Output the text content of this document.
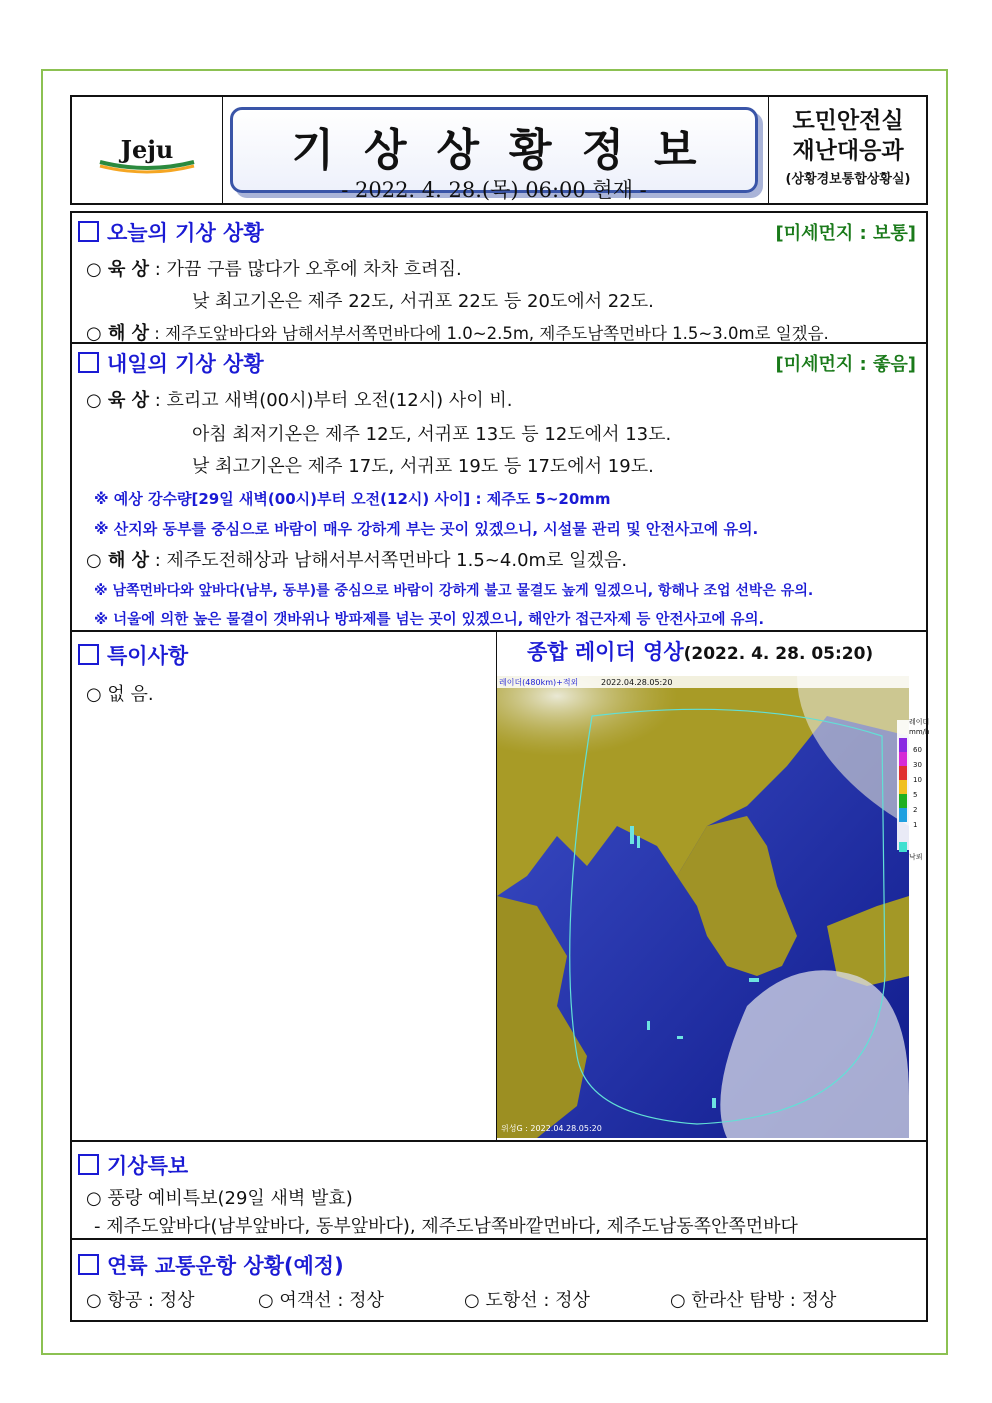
Jeju	기상상황정보
- 2022. 4. 28.(목) 06:00 현재 -
도민안전실
재난대응과
(상황경보통합상황실)
오늘의 기상 상황	[미세먼지 : 보통]
○ 육 상 : 가끔 구름 많다가 오후에 차차 흐려짐.
낮 최고기온은 제주 22도, 서귀포 22도 등 20도에서 22도.
○ 해 상 : 제주도앞바다와 남해서부서쪽먼바다에 1.0~2.5m, 제주도남쪽먼바다 1.5~3.0m로 일겠음.
내일의 기상 상황	[미세먼지 : 좋음]
○ 육 상 : 흐리고 새벽(00시)부터 오전(12시) 사이 비.
아침 최저기온은 제주 12도, 서귀포 13도 등 12도에서 13도.
낮 최고기온은 제주 17도, 서귀포 19도 등 17도에서 19도.
※ 예상 강수량[29일 새벽(00시)부터 오전(12시) 사이] : 제주도 5~20mm
※ 산지와 동부를 중심으로 바람이 매우 강하게 부는 곳이 있겠으니, 시설물 관리 및 안전사고에 유의.
○ 해 상 : 제주도전해상과 남해서부서쪽먼바다 1.5~4.0m로 일겠음.
※ 남쪽먼바다와 앞바다(남부, 동부)를 중심으로 바람이 강하게 불고 물결도 높게 일겠으니, 항해나 조업 선박은 유의.
※ 너울에 의한 높은 물결이 갯바위나 방파제를 넘는 곳이 있겠으니, 해안가 접근자제 등 안전사고에 유의.
특이사항
○ 없 음.
종합 레이더 영상(2022. 4. 28. 05:20)
레이더
mm/h
60
30
10
5
2
1
낙뢰
레이더(480km)+적외	2022.04.28.05:20
위성G : 2022.04.28.05:20
기상특보
○ 풍랑 예비특보(29일 새벽 발효)
- 제주도앞바다(남부앞바다, 동부앞바다), 제주도남쪽바깥먼바다, 제주도남동쪽안쪽먼바다
연륙 교통운항 상황(예정)
○ 항공 : 정상	○ 여객선 : 정상	○ 도항선 : 정상	○ 한라산 탐방 : 정상
